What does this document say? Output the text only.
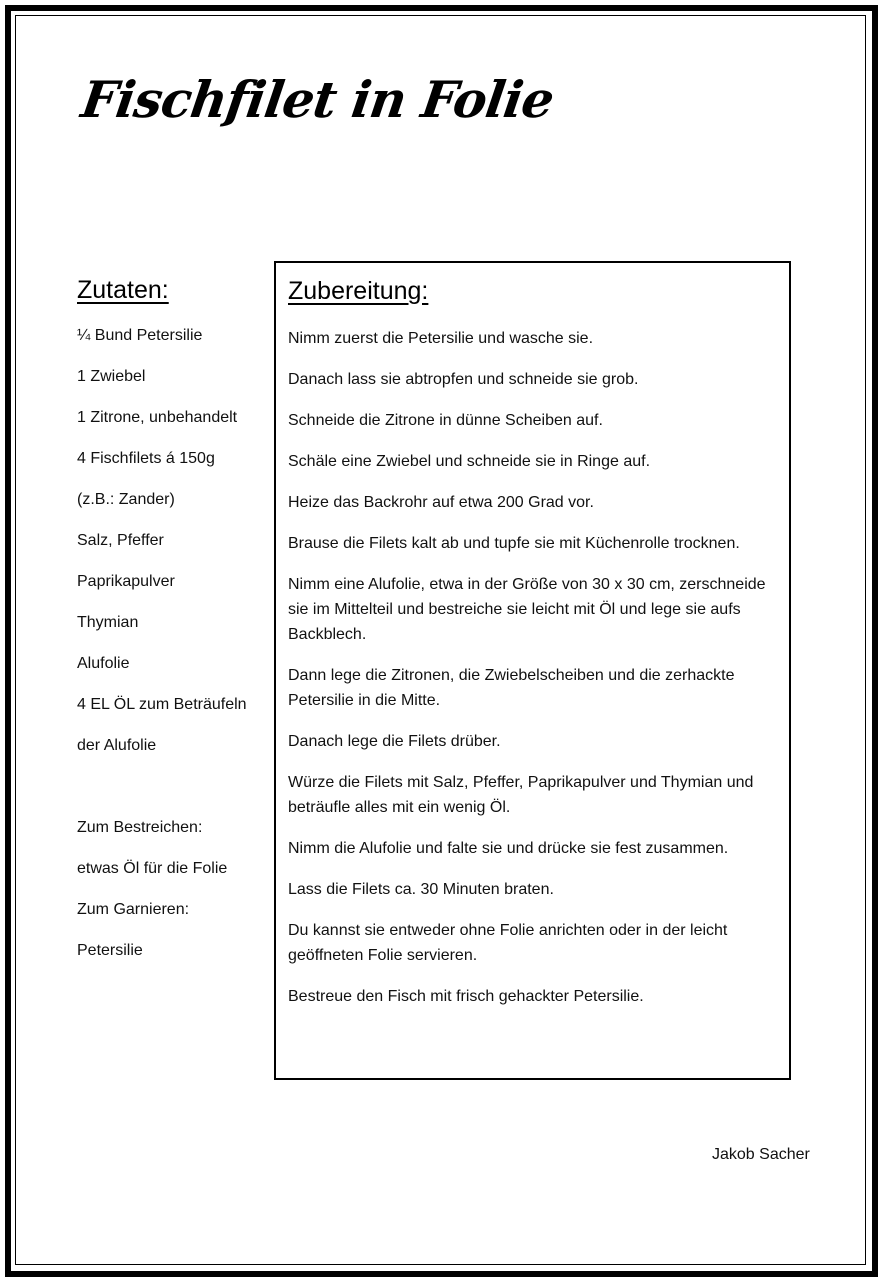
Fischfilet in Folie
Zutaten:
¼ Bund Petersilie
1 Zwiebel
1 Zitrone, unbehandelt
4 Fischfilets á 150g
(z.B.: Zander)
Salz, Pfeffer
Paprikapulver
Thymian
Alufolie
4 EL ÖL zum Beträufeln
der Alufolie
Zum Bestreichen:
etwas Öl für die Folie
Zum Garnieren:
Petersilie
Zubereitung:
Nimm zuerst die Petersilie und wasche sie.
Danach lass sie abtropfen und schneide sie grob.
Schneide die Zitrone in dünne Scheiben auf.
Schäle eine Zwiebel und schneide sie in Ringe auf.
Heize das Backrohr auf etwa 200 Grad vor.
Brause die Filets kalt ab und tupfe sie mit Küchenrolle trocknen.
Nimm eine Alufolie, etwa in der Größe von 30 x 30 cm, zerschneide sie im Mittelteil und bestreiche sie leicht mit Öl und lege sie aufs Backblech.
Dann lege die Zitronen, die Zwiebelscheiben und die zerhackte Petersilie in die Mitte.
Danach lege die Filets drüber.
Würze die Filets mit Salz, Pfeffer, Paprikapulver und Thymian und beträufle alles mit ein wenig Öl.
Nimm die Alufolie und falte sie und drücke sie fest zusammen.
Lass die Filets ca. 30 Minuten braten.
Du kannst sie entweder ohne Folie anrichten oder in der leicht geöffneten Folie servieren.
Bestreue den Fisch mit frisch gehackter Petersilie.
Jakob Sacher
